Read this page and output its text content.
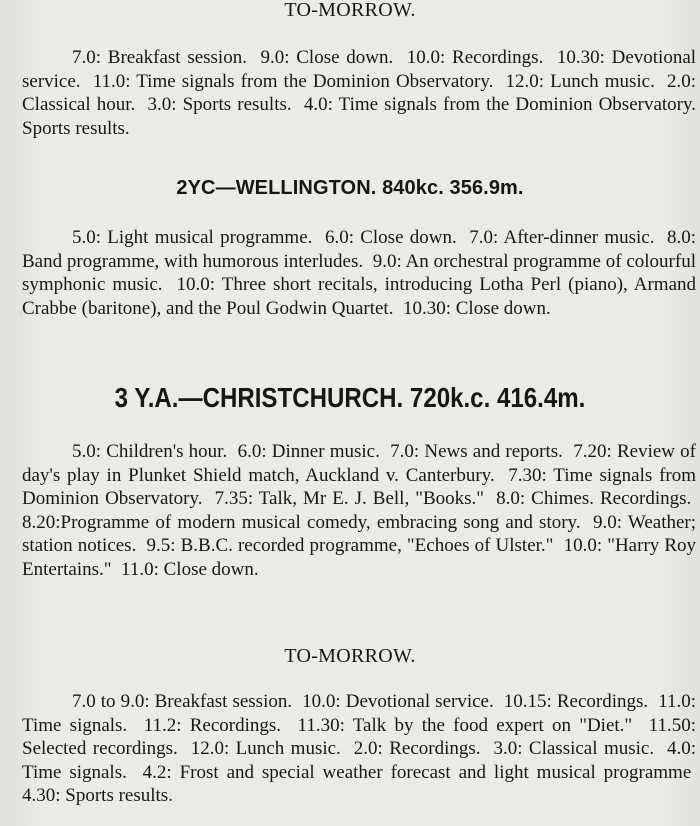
TO-MORROW.

7.0: Breakfast session. 9.0: Close down. 10.0: Recordings. 10.30: Devotional service. 11.0: Time signals from the Dominion Observatory. 12.0: Lunch music. 2.0: Classical hour. 3.0: Sports results. 4.0: Time signals from the Dominion Observatory. Sports results.

2YC—WELLINGTON. 840kc. 356.9m.

5.0: Light musical programme. 6.0: Close down. 7.0: After-dinner music. 8.0: Band programme, with humorous interludes. 9.0: An orchestral programme of colourful symphonic music. 10.0: Three short recitals, introducing Lotha Perl (piano), Armand Crabbe (baritone), and the Poul Godwin Quartet. 10.30: Close down.

3 Y.A.—CHRISTCHURCH. 720k.c. 416.4m.

5.0: Children's hour. 6.0: Dinner music. 7.0: News and reports. 7.20: Review of day's play in Plunket Shield match, Auckland v. Canterbury. 7.30: Time signals from Dominion Observatory. 7.35: Talk, Mr E. J. Bell, "Books." 8.0: Chimes. Recordings.  8.20:Programme of modern musical comedy, embracing song and story. 9.0: Weather; station notices. 9.5: B.B.C. recorded programme, "Echoes of Ulster." 10.0: "Harry Roy Entertains." 11.0: Close down.

TO-MORROW.

7.0 to 9.0: Breakfast session. 10.0: Devotional service. 10.15: Recordings. 11.0: Time signals. 11.2: Recordings. 11.30: Talk by the food expert on "Diet." 11.50: Selected recordings. 12.0: Lunch music. 2.0: Recordings. 3.0: Classical music. 4.0: Time signals. 4.2: Frost and special weather forecast and light musical programme  4.30: Sports results.
